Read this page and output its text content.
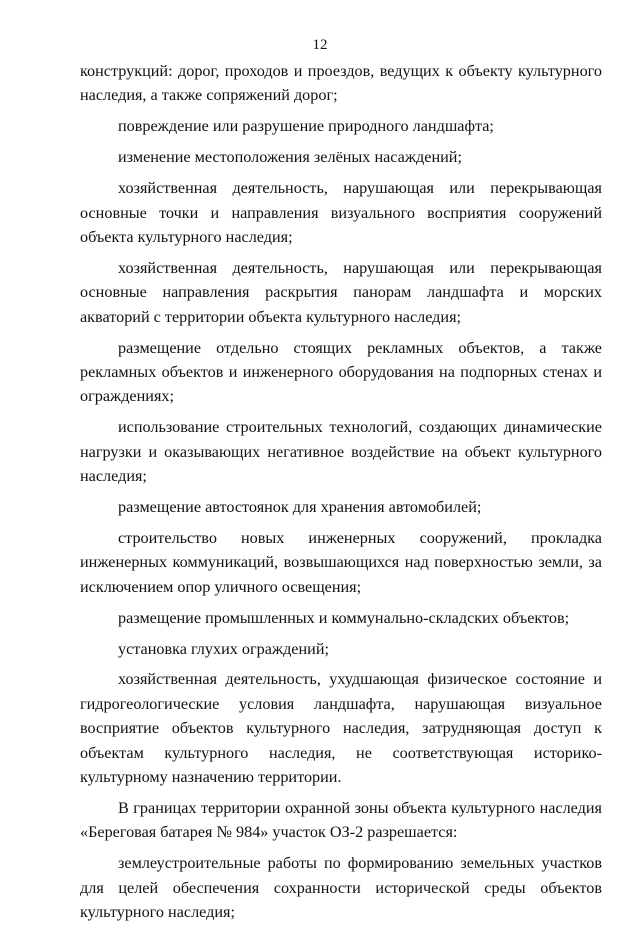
12

конструкций: дорог, проходов и проездов, ведущих к объекту культурного наследия, а также сопряжений дорог;

повреждение или разрушение природного ландшафта;

изменение местоположения зелёных насаждений;

хозяйственная деятельность, нарушающая или перекрывающая основные точки и направления визуального восприятия сооружений объекта культурного наследия;

хозяйственная деятельность, нарушающая или перекрывающая основные направления раскрытия панорам ландшафта и морских акваторий с территории объекта культурного наследия;

размещение отдельно стоящих рекламных объектов, а также рекламных объектов и инженерного оборудования на подпорных стенах и ограждениях;

использование строительных технологий, создающих динамические нагрузки и оказывающих негативное воздействие на объект культурного наследия;

размещение автостоянок для хранения автомобилей;

строительство новых инженерных сооружений, прокладка инженерных коммуникаций, возвышающихся над поверхностью земли, за исключением опор уличного освещения;

размещение промышленных и коммунально-складских объектов;

установка глухих ограждений;

хозяйственная деятельность, ухудшающая физическое состояние и гидрогеологические условия ландшафта, нарушающая визуальное восприятие объектов культурного наследия, затрудняющая доступ к объектам культурного наследия, не соответствующая историко-культурному назначению территории.

В границах территории охранной зоны объекта культурного наследия «Береговая батарея № 984» участок ОЗ-2 разрешается:

землеустроительные работы по формированию земельных участков для целей обеспечения сохранности исторической среды объектов культурного наследия;
